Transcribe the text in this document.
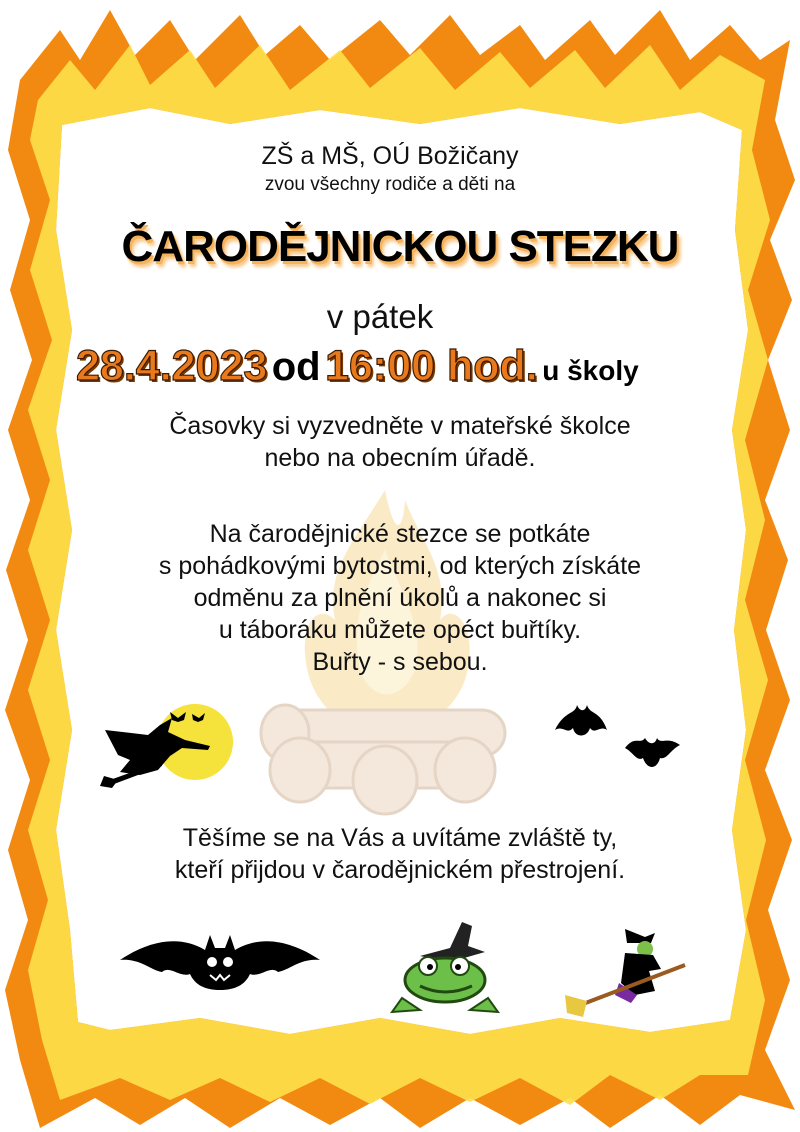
ZŠ a MŠ, OÚ Božičany
zvou všechny rodiče a děti na
ČARODĚJNICKOU STEZKU
v pátek
28.4.2023 od 16:00 hod. u školy
Časovky si vyzvedněte v mateřské školce
nebo na obecním úřadě.
Na čarodějnické stezce se potkáte
s pohádkovými bytostmi, od kterých získáte
odměnu za plnění úkolů a nakonec si
u táboráku můžete opéct buřtíky.
Buřty - s sebou.
Těšíme se na Vás a uvítáme zvláště ty,
kteří přijdou v čarodějnickém přestrojení.
